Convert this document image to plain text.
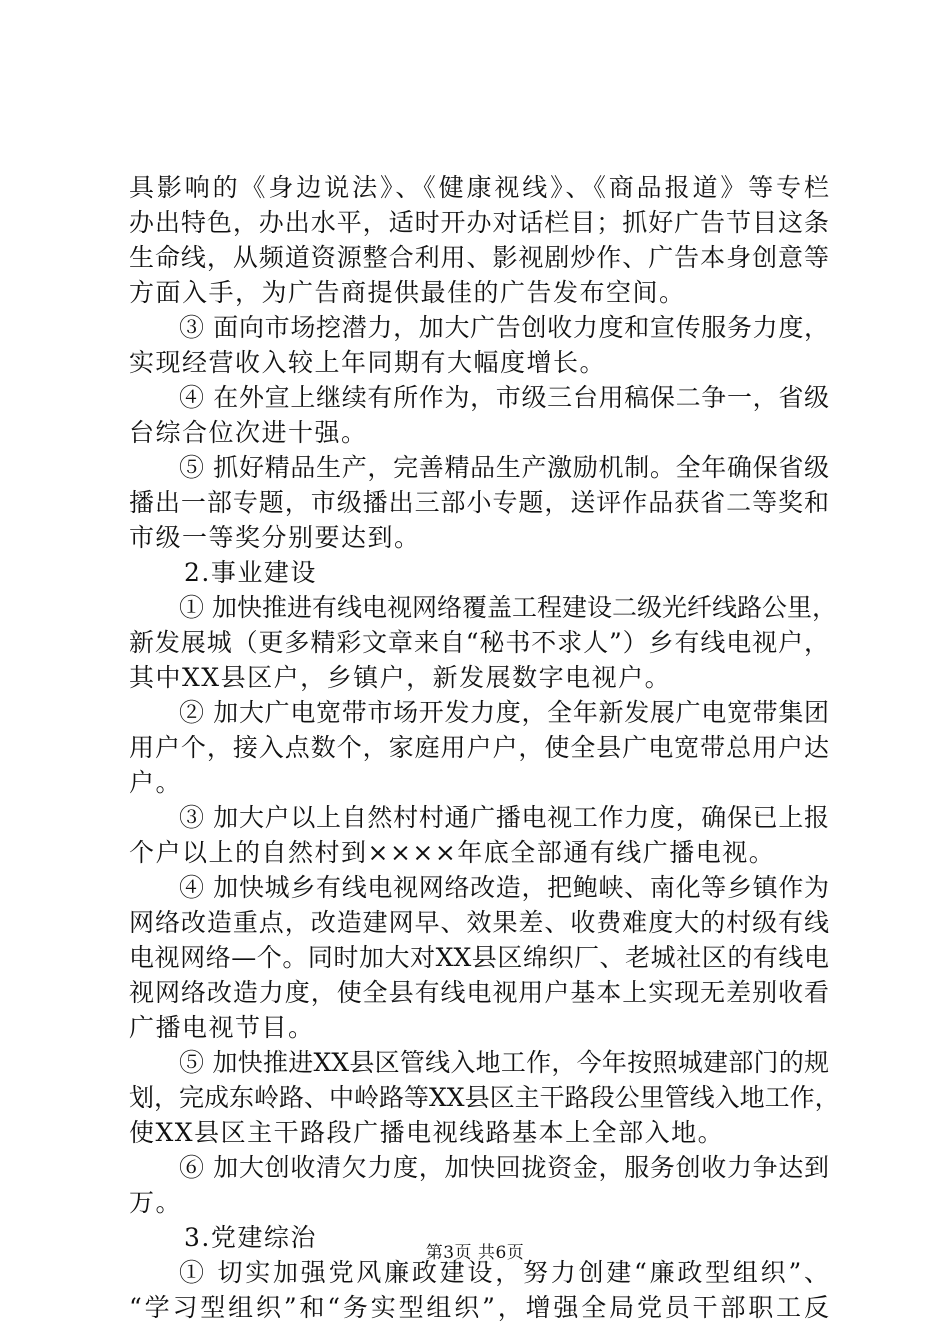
具影响的《身边说法》、《健康视线》、《商品报道》等专栏
办出特色，办出水平，适时开办对话栏目；抓好广告节目这条
生命线，从频道资源整合利用、影视剧炒作、广告本身创意等
方面入手，为广告商提供最佳的广告发布空间。
③ 面向市场挖潜力，加大广告创收力度和宣传服务力度，
实现经营收入较上年同期有大幅度增长。
④ 在外宣上继续有所作为，市级三台用稿保二争一，省级
台综合位次进十强。
⑤ 抓好精品生产，完善精品生产激励机制。全年确保省级
播出一部专题，市级播出三部小专题，送评作品获省二等奖和
市级一等奖分别要达到。
2.事业建设
① 加快推进有线电视网络覆盖工程建设二级光纤线路公里，
新发展城（更多精彩文章来自“秘书不求人”）乡有线电视户，
其中XX县区户，乡镇户，新发展数字电视户。
② 加大广电宽带市场开发力度，全年新发展广电宽带集团
用户个，接入点数个，家庭用户户，使全县广电宽带总用户达
户。
③ 加大户以上自然村村通广播电视工作力度，确保已上报
个户以上的自然村到××××年底全部通有线广播电视。
④ 加快城乡有线电视网络改造，把鲍峡、南化等乡镇作为
网络改造重点，改造建网早、效果差、收费难度大的村级有线
电视网络—个。同时加大对XX县区绵织厂、老城社区的有线电
视网络改造力度，使全县有线电视用户基本上实现无差别收看
广播电视节目。
⑤ 加快推进XX县区管线入地工作，今年按照城建部门的规
划，完成东岭路、中岭路等XX县区主干路段公里管线入地工作，
使XX县区主干路段广播电视线路基本上全部入地。
⑥ 加大创收清欠力度，加快回拢资金，服务创收力争达到
万。
3.党建综治
① 切实加强党风廉政建设，努力创建“廉政型组织”、
“学习型组织”和“务实型组织”，增强全局党员干部职工反
第3页 共6页
